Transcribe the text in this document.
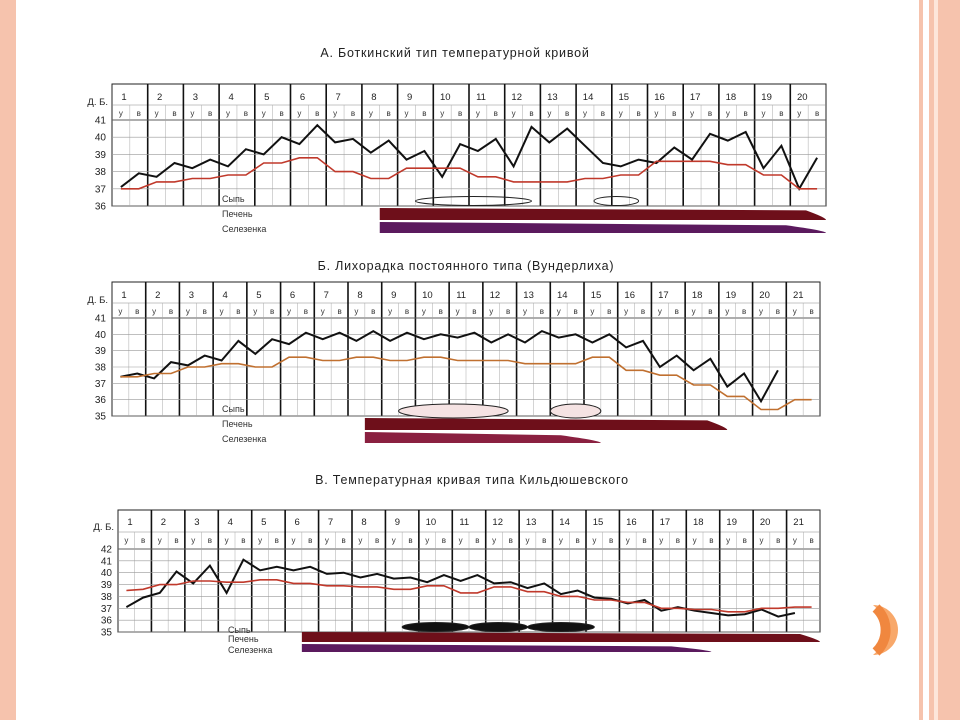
А. Боткинский тип температурной кривой
Д. Б. 1
у в
2
у в
3
у в
4
у в
5
у в
6
у в
7
у в
8
у в
9
у в
10
у в
11
у в
12
у в
13
у в
14
у в
15
у в
16
у в
17
у в
18
у в
19
у в
20
у в
36
37
38
39
40
41
Сыпь
Печень
Селезенка
Б. Лихорадка постоянного типа (Вундерлиха)
Д. Б. 1
у в
2
у в
3
у в
4
у в
5
у в
6
у в
7
у в
8
у в
9
у в
10
у в
11
у в
12
у в
13
у в
14
у в
15
у в
16
у в
17
у в
18
у в
19
у в
20
у в
21
у в
35
36
37
38
39
40
41
Сыпь
Печень
Селезенка
В. Температурная кривая типа Кильдюшевского
Д. Б. 1
у в
2
у в
3
у в
4
у в
5
у в
6
у в
7
у в
8
у в
9
у в
10
у в
11
у в
12
у в
13
у в
14
у в
15
у в
16
у в
17
у в
18
у в
19
у в
20
у в
21
у в
35
36
37
38
39
40
41
42
Сыпь
Печень
Селезенка
